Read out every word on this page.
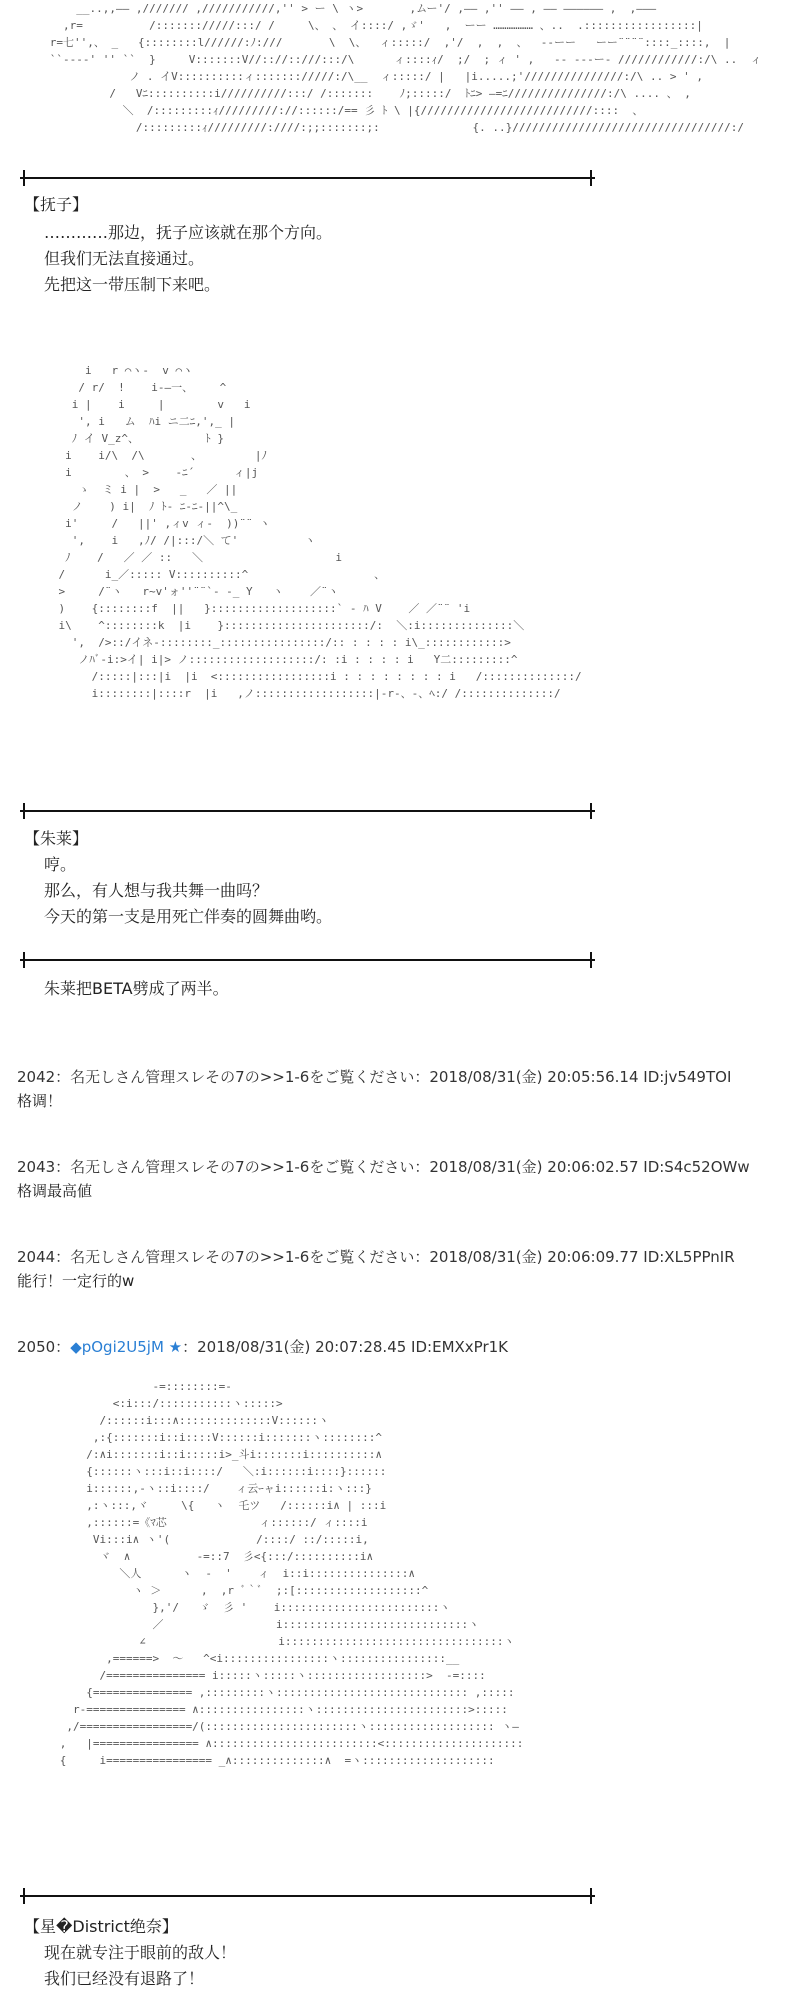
__..,,―― ,/////// ,///////////,'' > ー \ ヽ>       ,ムー'/ ,―― ,'' ―― , ―― ―――――― ,  ,―――
,r=          /::::::://///:::/ /     \、 、 イ::::/ ,ゞ'   ,  ーー ……………… 、..  .:::::::::::::::::|
r=七'',、 _   {::::::::l//////:ﾉ:///       \  \、  ィ:::::/  ,'/  ,  ,  、  --ーー   ーー¨¨¨¨::::_::::,  |
``‐---' '' ``  }     V:::::::V//:://::///:::/\      ィ::::ｨ/  ;/  ; ィ ' ,   -- ‐--ー‐ ////////////:/\ ..  ィ
ノ . イV::::::::::ィ::::::://///:/\__  ィ:::::/ |   |i.....;'///////////////:/\ .. > ' ,
/   Vﾆ::::::::::i//////////:::/ /:::::::    ﾉ;:::::/  ﾄﾆ> ―=ﾆ///////////////:/\ .... 、 ,
＼  /:::::::::ｨ/////////://::::::/== 彡 ﾄ \ |{//////////////////////////::::  、
/:::::::::ｨ/////////:////:;;:::::::;:              {. ..}/////////////////////////////////:/
【抚子】
…………那边，抚子应该就在那个方向。
但我们无法直接通过。
先把这一带压制下来吧。
i   r ⌒ヽ‐  v ⌒ヽ
/ r/  !    i‐―一、    ^
i |    i     |        v   i
', i   ム  ﾊi ニ二ﾆ,',_ |
ﾉ イ V_z^、          ﾄ }
i    i/\  /\       、        |ﾉ
i        、 >    ‐ﾆ´      ィ|j
ゝ  ミ i |  >   _   ／ ||
ノ    ) i|  ﾉ ﾄ‐ ﾆ‐ﾆ‐||^\_
i'     /   ||' ,ィv ィ‐  ))¨¨ ヽ
',    i   ,ﾉ/ /|:::/＼ て'          ヽ
ﾉ    /   ／ ／ ::   ＼                    i
/      i_／::::: V::::::::::^                   、
>     /¨ヽ   r~v'ォ''¨¨`‐ ‐_ Y   ヽ    ／¨ヽ
)    {::::::::f  ||   }:::::::::::::::::::` ‐ ﾊ V    ／ ／¨¨ 'i
i\    ^::::::::k  |i    }::::::::::::::::::::::/:  ＼:i::::::::::::::＼
',  />::/イネ‐::::::::_::::::::::::::::/:: : : : : i\_::::::::::::>
ノﾊﾞ‐i:>イ| i|> ノ:::::::::::::::::::/: :i : : : : i   Y二:::::::::^
/:::::|:::|i  |i  <:::::::::::::::::i : : : : : : : : i   /::::::::::::::/
i::::::::|::::r  |i   ,ノ::::::::::::::::::|‐r-、‐、ﾍ:/ /::::::::::::::/
【朱莱】
哼。
那么，有人想与我共舞一曲吗？
今天的第一支是用死亡伴奏的圆舞曲哟。
朱莱把BETA劈成了两半。
2042：名无しさん管理スレその7の>>1-6をご覧ください：2018/08/31(金) 20:05:56.14 ID:jv549TOI
格调！
2043：名无しさん管理スレその7の>>1-6をご覧ください：2018/08/31(金) 20:06:02.57 ID:S4c52OWw
格调最高値
2044：名无しさん管理スレその7の>>1-6をご覧ください：2018/08/31(金) 20:06:09.77 ID:XL5PPnIR
能行！一定行的w
2050：◆pOgi2U5jM ★：2018/08/31(金) 20:07:28.45 ID:EMXxPr1K
-=::::::::=-
<:i:::/:::::::::::ヽ:::::>
/::::::i:::∧::::::::::::::V::::::ヽ
,:{:::::::i::i::::V::::::i:::::::ヽ::::::::^
/:∧i:::::::i::i:::::i>_斗i:::::::i::::::::::∧
{::::::ヽ:::i::i::::/   ＼:i::::::i::::}::::::
i::::::,-ヽ::i::::/    ィ云ｰャi::::::i:ヽ:::}
,:ヽ:::,ヾ     \{   ヽ  乇ツ   /::::::i∧ | :::i
,::::::=《ﾏ芯              ィ::::::/ ィ::::i
Vi:::i∧ ヽ'(             /::::/ ::/:::::i,
ヾ  ∧          -=::7  彡<{:::/::::::::::i∧
＼人      ヽ  ‐  '    ィ  i::i:::::::::::::::∧
ヽ ＞      ,  ,r ﾞ｀ﾞ  ;:[:::::::::::::::::::^
},'/   ゞ  彡 '    i::::::::::::::::::::::::ヽ
／                 i::::::::::::::::::::::::::::ヽ
∠                    i:::::::::::::::::::::::::::::::::ヽ
,======>  ～   ^<i::::::::::::::::ヽ::::::::::::::::__
/=============== i:::::ヽ:::::ヽ::::::::::::::::::>  -=::::
{=============== ,:::::::::ヽ::::::::::::::::::::::::::::: ,:::::
r-=============== ∧::::::::::::::::ヽ:::::::::::::::::::::::>:::::
,/=================/(:::::::::::::::::::::::ヽ::::::::::::::::::: ヽ―
,   |================ ∧:::::::::::::::::::::::::<:::::::::::::::::::::
{     i================ _∧::::::::::::::∧  =ヽ::::::::::::::::::::
【星�District绝奈】
现在就专注于眼前的敌人！
我们已经没有退路了！
